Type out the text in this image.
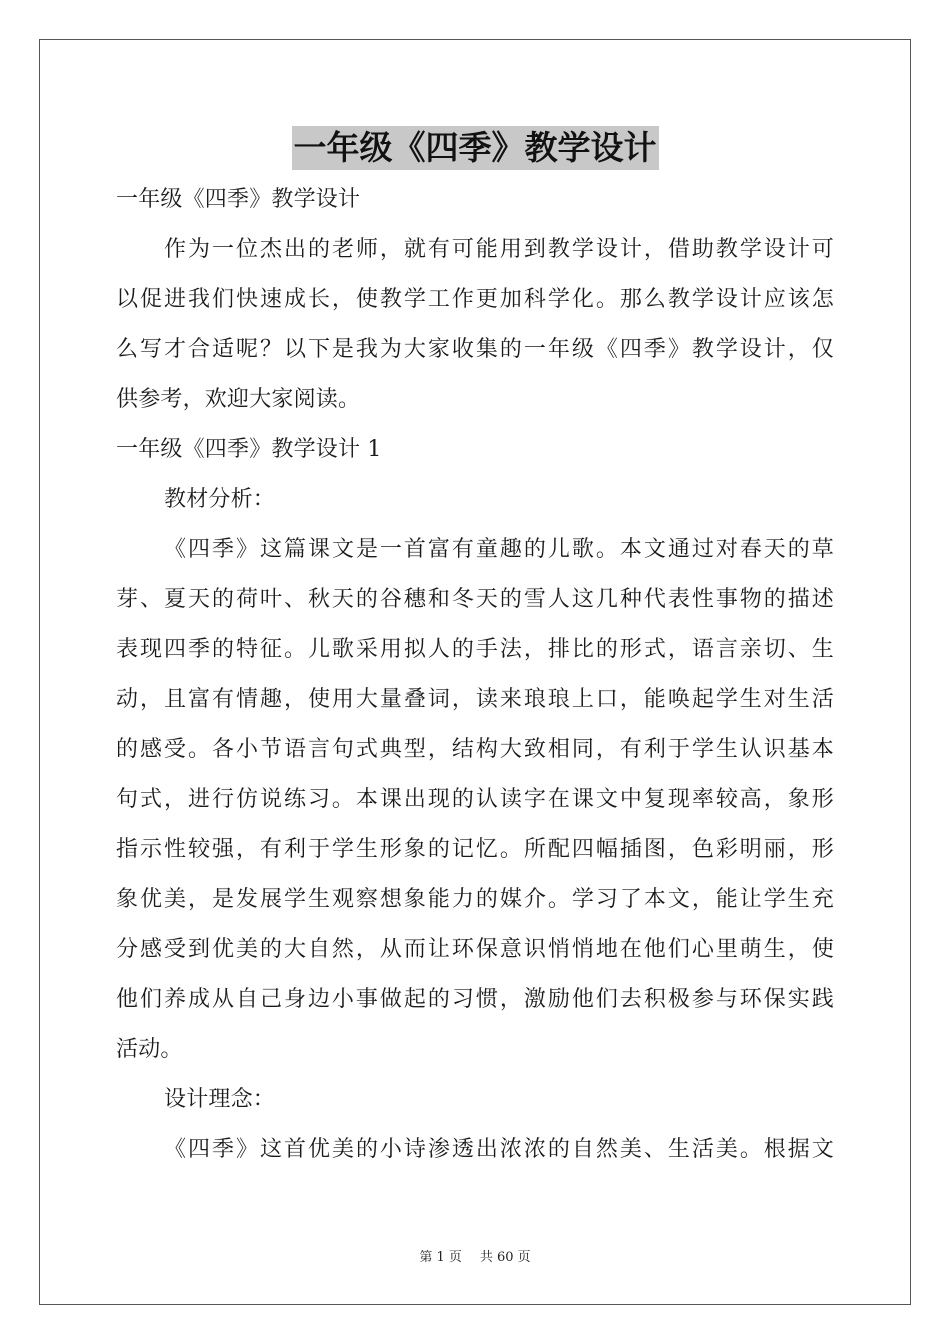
一年级《四季》教学设计
一年级《四季》教学设计
作为一位杰出的老师，就有可能用到教学设计，借助教学设计可
以促进我们快速成长，使教学工作更加科学化。那么教学设计应该怎
么写才合适呢？以下是我为大家收集的一年级《四季》教学设计，仅
供参考，欢迎大家阅读。
一年级《四季》教学设计 1
教材分析：
《四季》这篇课文是一首富有童趣的儿歌。本文通过对春天的草
芽、夏天的荷叶、秋天的谷穗和冬天的雪人这几种代表性事物的描述
表现四季的特征。儿歌采用拟人的手法，排比的形式，语言亲切、生
动，且富有情趣，使用大量叠词，读来琅琅上口，能唤起学生对生活
的感受。各小节语言句式典型，结构大致相同，有利于学生认识基本
句式，进行仿说练习。本课出现的认读字在课文中复现率较高，象形
指示性较强，有利于学生形象的记忆。所配四幅插图，色彩明丽，形
象优美，是发展学生观察想象能力的媒介。学习了本文，能让学生充
分感受到优美的大自然，从而让环保意识悄悄地在他们心里萌生，使
他们养成从自己身边小事做起的习惯，激励他们去积极参与环保实践
活动。
设计理念：
《四季》这首优美的小诗渗透出浓浓的自然美、生活美。根据文
第 1 页 共 60 页
